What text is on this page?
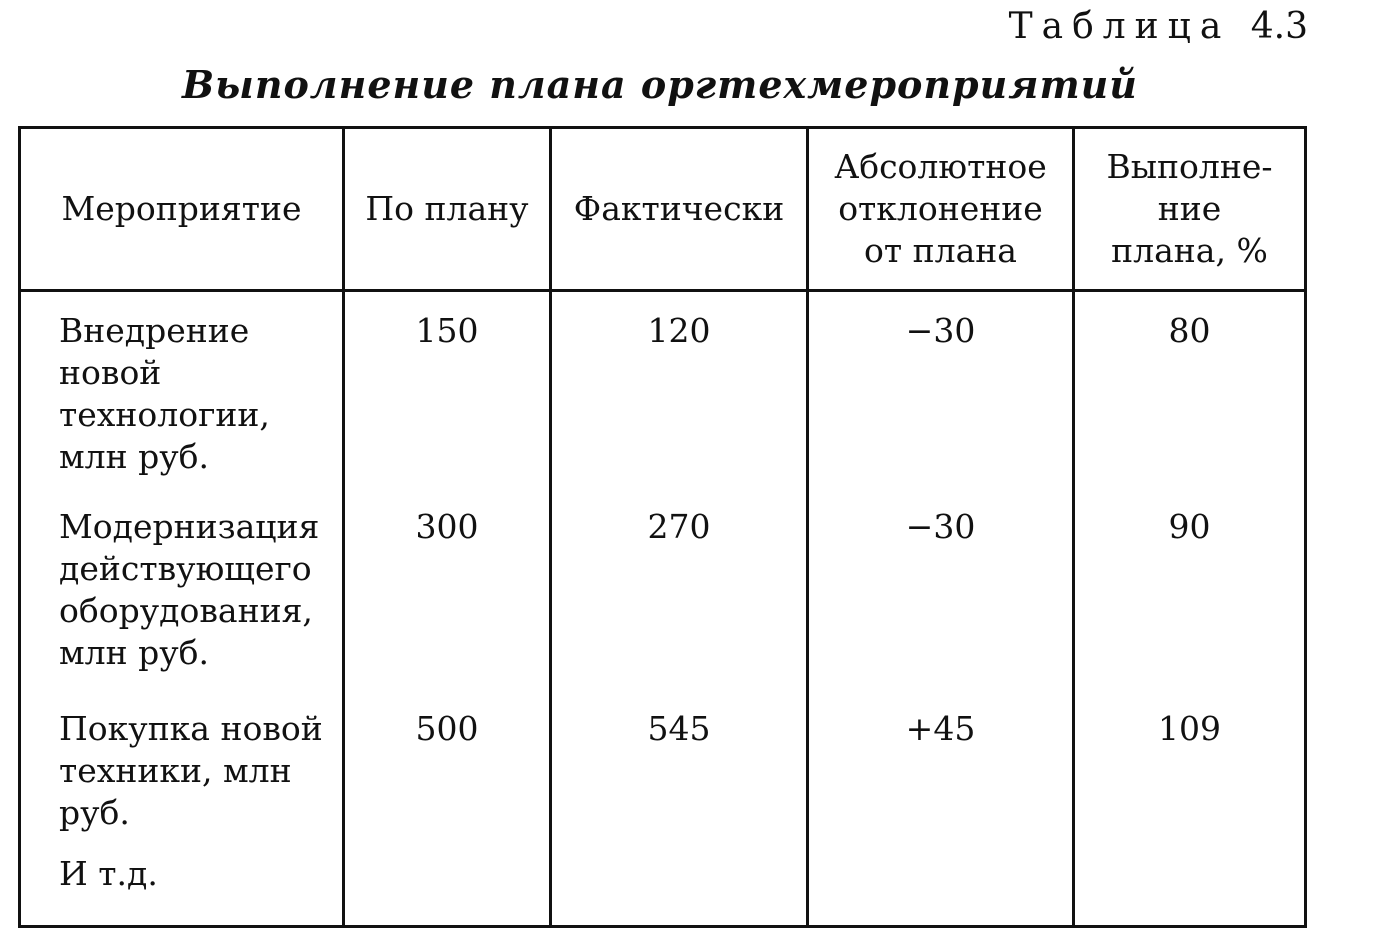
Таблица 4.3
Выполнение плана оргтехмероприятий
Мероприятие	По плану	Фактически	Абсолютное отклонение от плана	Выполне- ние плана, %
Внедрение новой технологии, млн руб.	150	120	−30	80
Модернизация действующего оборудования, млн руб.	300	270	−30	90
Покупка новой техники, млн руб.	500	545	+45	109
И т.д.				
